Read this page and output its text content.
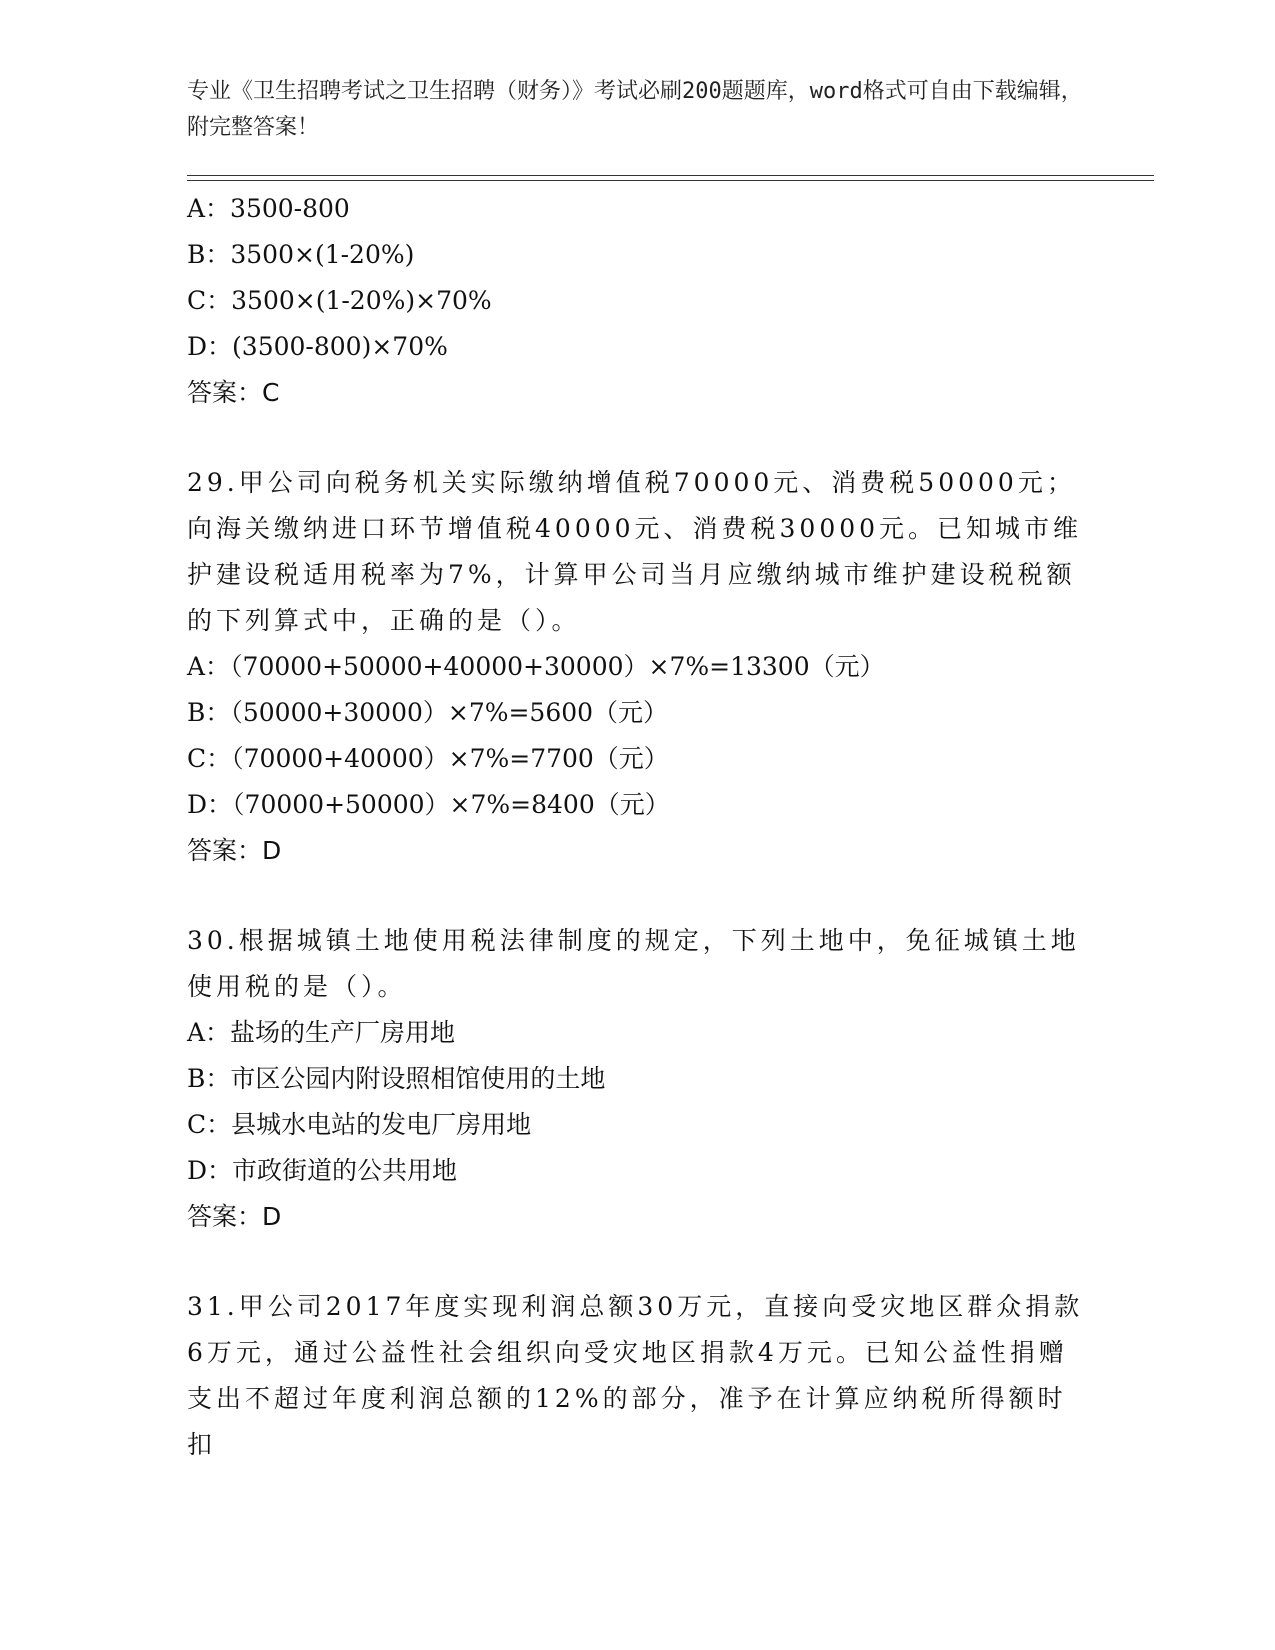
专业《卫生招聘考试之卫生招聘（财务）》考试必刷200题题库，word格式可自由下载编辑，附完整答案！
A：3500-800
B：3500×(1-20%)
C：3500×(1-20%)×70%
D：(3500-800)×70%
答案：C
29.甲公司向税务机关实际缴纳增值税70000元、消费税50000元；向海关缴纳进口环节增值税40000元、消费税30000元。已知城市维护建设税适用税率为7%，计算甲公司当月应缴纳城市维护建设税税额的下列算式中，正确的是（）。
A：（70000+50000+40000+30000）×7%=13300（元）
B：（50000+30000）×7%=5600（元）
C：（70000+40000）×7%=7700（元）
D：（70000+50000）×7%=8400（元）
答案：D
30.根据城镇土地使用税法律制度的规定，下列土地中，免征城镇土地使用税的是（）。
A：盐场的生产厂房用地
B：市区公园内附设照相馆使用的土地
C：县城水电站的发电厂房用地
D：市政街道的公共用地
答案：D
31.甲公司2017年度实现利润总额30万元，直接向受灾地区群众捐款6万元，通过公益性社会组织向受灾地区捐款4万元。已知公益性捐赠支出不超过年度利润总额的12%的部分，准予在计算应纳税所得额时扣
